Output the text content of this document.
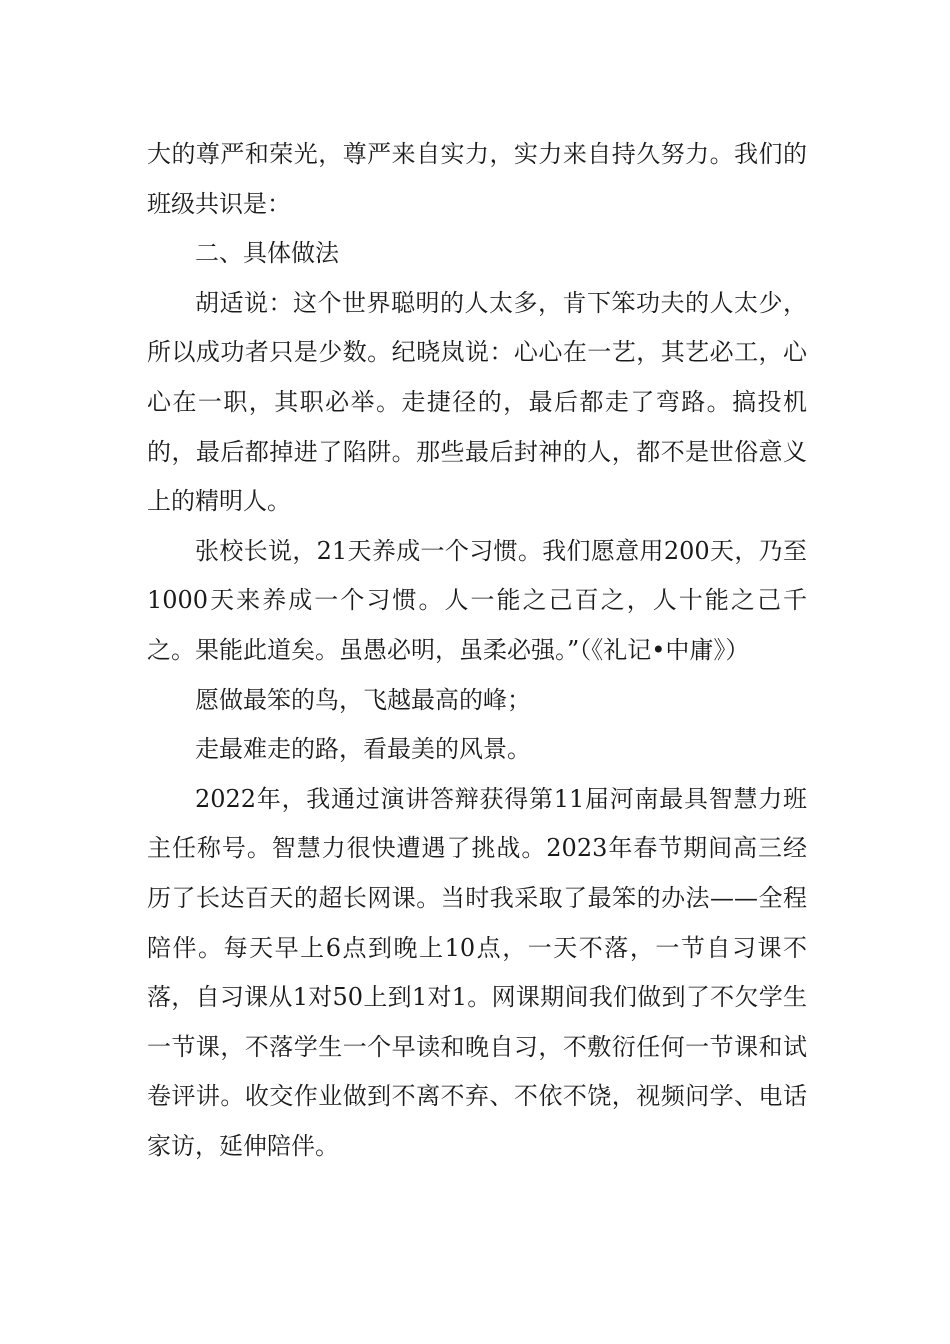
大的尊严和荣光，尊严来自实力，实力来自持久努力。我们的班级共识是：

二、具体做法

胡适说：这个世界聪明的人太多，肯下笨功夫的人太少，所以成功者只是少数。纪晓岚说：心心在一艺，其艺必工，心心在一职，其职必举。走捷径的，最后都走了弯路。搞投机的，最后都掉进了陷阱。那些最后封神的人，都不是世俗意义上的精明人。

张校长说，21天养成一个习惯。我们愿意用200天，乃至1000天来养成一个习惯。人一能之己百之，人十能之己千之。果能此道矣。虽愚必明，虽柔必强。”（《礼记•中庸》）

愿做最笨的鸟，飞越最高的峰；

走最难走的路，看最美的风景。

2022年，我通过演讲答辩获得第11届河南最具智慧力班主任称号。智慧力很快遭遇了挑战。2023年春节期间高三经历了长达百天的超长网课。当时我采取了最笨的办法——全程陪伴。每天早上6点到晚上10点，一天不落，一节自习课不落，自习课从1对50上到1对1。网课期间我们做到了不欠学生一节课，不落学生一个早读和晚自习，不敷衍任何一节课和试卷评讲。收交作业做到不离不弃、不依不饶，视频问学、电话家访，延伸陪伴。
